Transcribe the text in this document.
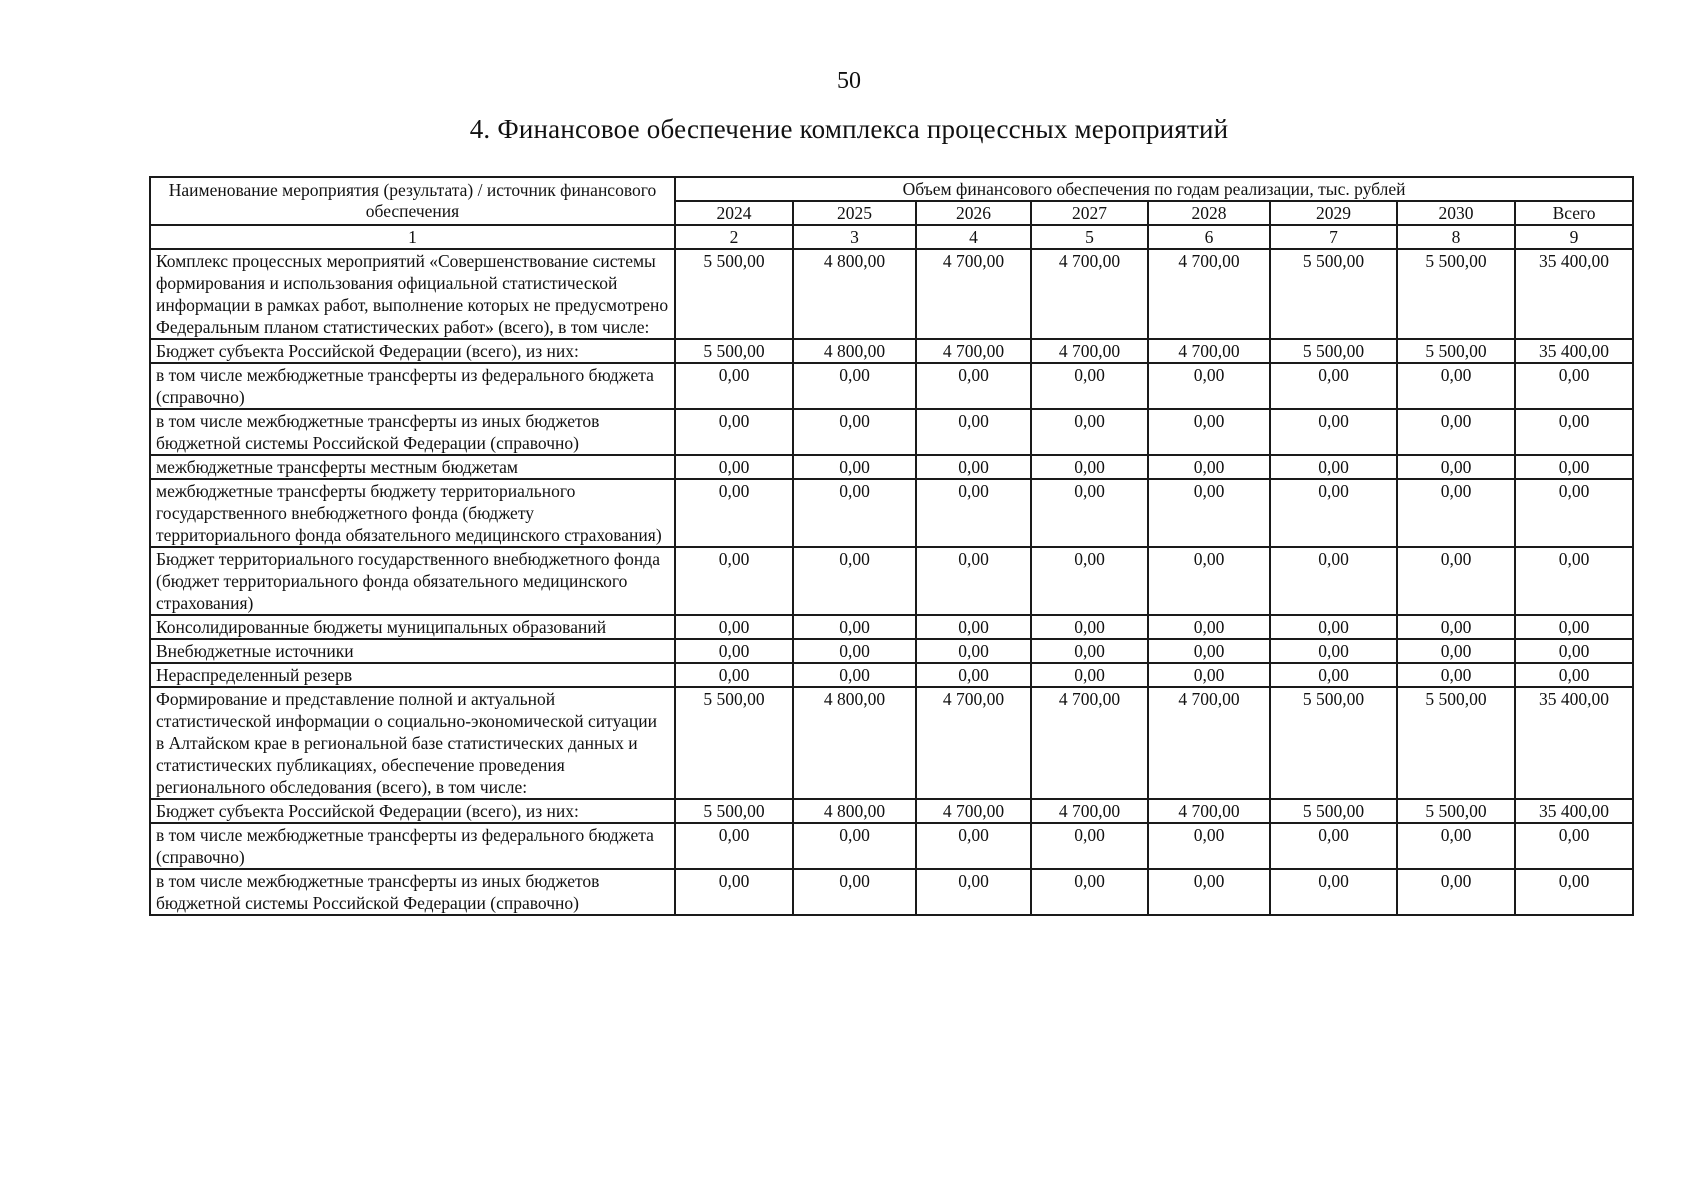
50
4. Финансовое обеспечение комплекса процессных мероприятий
Наименование мероприятия (результата) / источник финансового обеспечения	Объем финансового обеспечения по годам реализации, тыс. рублей							
	2024	2025	2026	2027	2028	2029	2030	Всего
1	2	3	4	5	6	7	8	9
Комплекс процессных мероприятий «Совершенствование системы формирования и использования официальной статистической информации в рамках работ, выполнение которых не предусмотрено Федеральным планом статистических работ» (всего), в том числе:	5 500,00	4 800,00	4 700,00	4 700,00	4 700,00	5 500,00	5 500,00	35 400,00
Бюджет субъекта Российской Федерации (всего), из них:	5 500,00	4 800,00	4 700,00	4 700,00	4 700,00	5 500,00	5 500,00	35 400,00
в том числе межбюджетные трансферты из федерального бюджета (справочно)	0,00	0,00	0,00	0,00	0,00	0,00	0,00	0,00
в том числе межбюджетные трансферты из иных бюджетов бюджетной системы Российской Федерации (справочно)	0,00	0,00	0,00	0,00	0,00	0,00	0,00	0,00
межбюджетные трансферты местным бюджетам	0,00	0,00	0,00	0,00	0,00	0,00	0,00	0,00
межбюджетные трансферты бюджету территориального государственного внебюджетного фонда (бюджету территориального фонда обязательного медицинского страхования)	0,00	0,00	0,00	0,00	0,00	0,00	0,00	0,00
Бюджет территориального государственного внебюджетного фонда (бюджет территориального фонда обязательного медицинского страхования)	0,00	0,00	0,00	0,00	0,00	0,00	0,00	0,00
Консолидированные бюджеты муниципальных образований	0,00	0,00	0,00	0,00	0,00	0,00	0,00	0,00
Внебюджетные источники	0,00	0,00	0,00	0,00	0,00	0,00	0,00	0,00
Нераспределенный резерв	0,00	0,00	0,00	0,00	0,00	0,00	0,00	0,00
Формирование и представление полной и актуальной статистической информации о социально-экономической ситуации в Алтайском крае в региональной базе статистических данных и статистических публикациях, обеспечение проведения регионального обследования (всего), в том числе:	5 500,00	4 800,00	4 700,00	4 700,00	4 700,00	5 500,00	5 500,00	35 400,00
Бюджет субъекта Российской Федерации (всего), из них:	5 500,00	4 800,00	4 700,00	4 700,00	4 700,00	5 500,00	5 500,00	35 400,00
в том числе межбюджетные трансферты из федерального бюджета (справочно)	0,00	0,00	0,00	0,00	0,00	0,00	0,00	0,00
в том числе межбюджетные трансферты из иных бюджетов бюджетной системы Российской Федерации (справочно)	0,00	0,00	0,00	0,00	0,00	0,00	0,00	0,00
